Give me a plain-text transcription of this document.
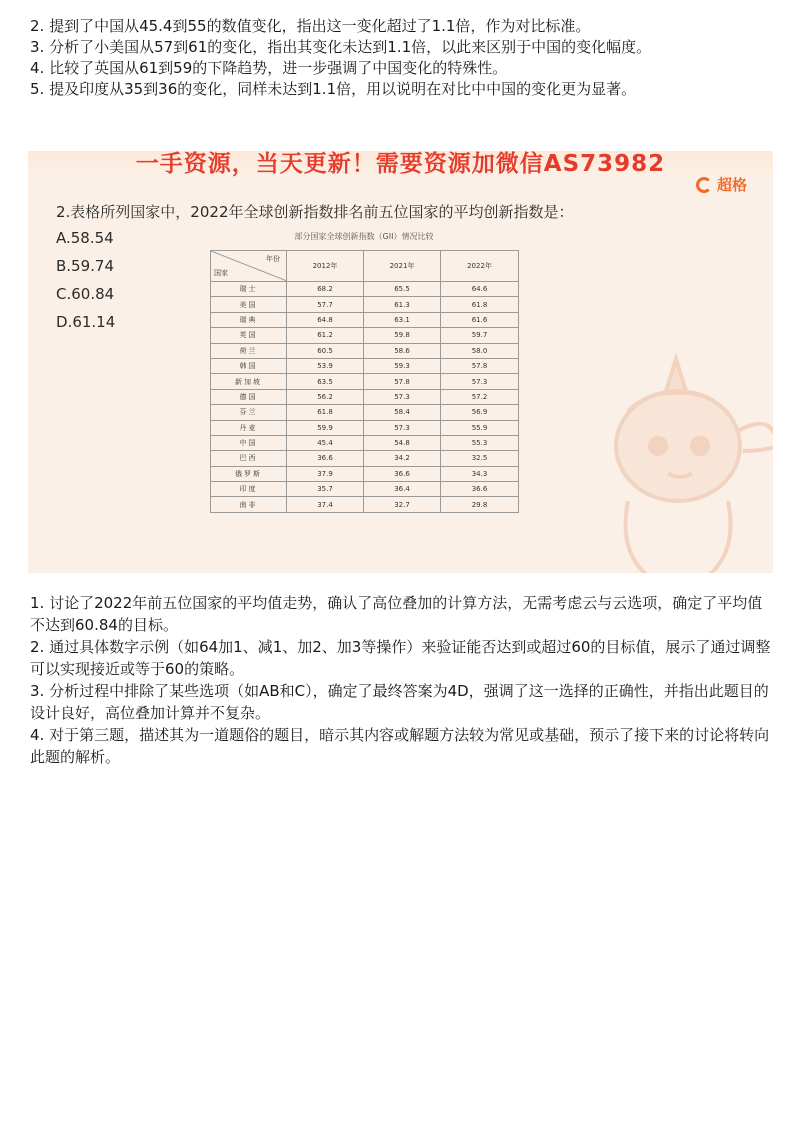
2. 提到了中国从45.4到55的数值变化，指出这一变化超过了1.1倍，作为对比标准。

3. 分析了小美国从57到61的变化，指出其变化未达到1.1倍，以此来区别于中国的变化幅度。

4. 比较了英国从61到59的下降趋势，进一步强调了中国变化的特殊性。

5. 提及印度从35到36的变化，同样未达到1.1倍，用以说明在对比中中国的变化更为显著。

一手资源，当天更新！需要资源加微信AS73982
超格
2.表格所列国家中，2022年全球创新指数排名前五位国家的平均创新指数是：
A.58.54
B.59.74
C.60.84
D.61.14
部分国家全球创新指数（GII）情况比较
年份
国家	2012年	2021年	2022年
瑞士	68.2	65.5	64.6
美国	57.7	61.3	61.8
瑞典	64.8	63.1	61.6
英国	61.2	59.8	59.7
荷兰	60.5	58.6	58.0
韩国	53.9	59.3	57.8
新加坡	63.5	57.8	57.3
德国	56.2	57.3	57.2
芬兰	61.8	58.4	56.9
丹麦	59.9	57.3	55.9
中国	45.4	54.8	55.3
巴西	36.6	34.2	32.5
俄罗斯	37.9	36.6	34.3
印度	35.7	36.4	36.6
南非	37.4	32.7	29.8

1. 讨论了2022年前五位国家的平均值走势，确认了高位叠加的计算方法，无需考虑云与云选项，确定了平均值不达到60.84的目标。

2. 通过具体数字示例（如64加1、减1、加2、加3等操作）来验证能否达到或超过60的目标值，展示了通过调整可以实现接近或等于60的策略。

3. 分析过程中排除了某些选项（如AB和C），确定了最终答案为4D，强调了这一选择的正确性，并指出此题目的设计良好，高位叠加计算并不复杂。

4. 对于第三题，描述其为一道题俗的题目，暗示其内容或解题方法较为常见或基础，预示了接下来的讨论将转向此题的解析。
